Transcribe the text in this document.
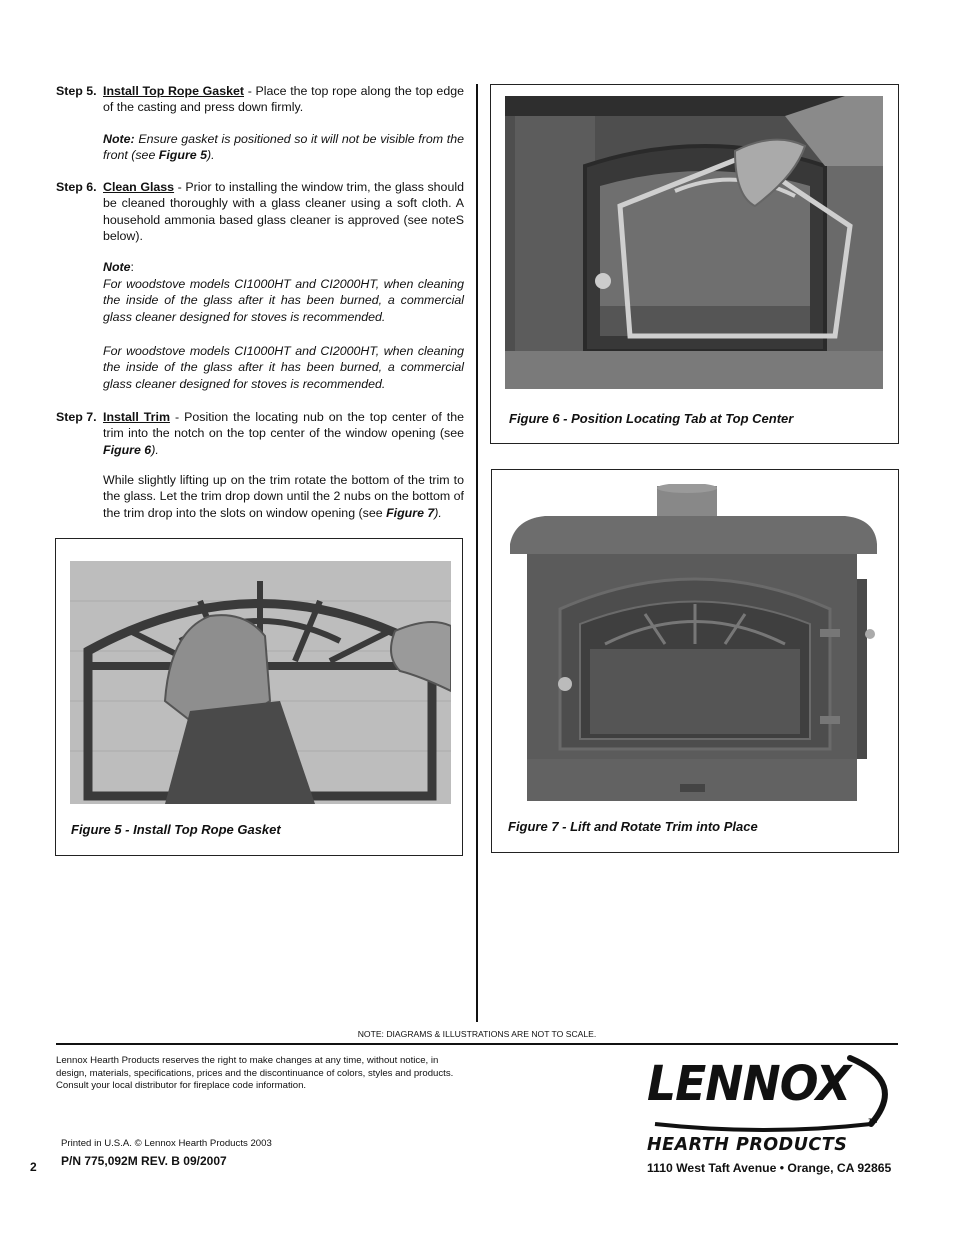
Step 5. Install Top Rope Gasket - Place the top rope along the top edge of the casting and press down firmly.
Note: Ensure gasket is positioned so it will not be visible from the front (see Figure 5).
Step 6. Clean Glass - Prior to installing the window trim, the glass should be cleaned thoroughly with a glass cleaner using a soft cloth. A household ammonia based glass cleaner is approved (see noteS below).
Note:
For woodstove models CI1000HT and CI2000HT, when cleaning the inside of the glass after it has been burned, a commercial glass cleaner designed for stoves is recommended.
For woodstove models CI1000HT and CI2000HT, when cleaning the inside of the glass after it has been burned, a commercial glass cleaner designed for stoves is recommended.
Step 7. Install Trim - Position the locating nub on the top center of the trim into the notch on the top center of the window opening (see Figure 6).
While slightly lifting up on the trim rotate the bottom of the trim to the glass. Let the trim drop down until the 2 nubs on the bottom of the trim drop into the slots on window opening (see Figure 7).
Figure 5 - Install Top Rope Gasket
Figure 6 - Position Locating Tab at Top Center
Figure 7 - Lift and Rotate Trim into Place
NOTE: DIAGRAMS & ILLUSTRATIONS ARE NOT TO SCALE.
Lennox Hearth Products reserves the right to make changes at any time, without notice, in design, materials, specifications, prices and the discontinuance of colors, styles and products. Consult your local distributor for fireplace code information.
Printed in U.S.A. © Lennox Hearth Products 2003
2 P/N 775,092M REV. B 09/2007
LENNOX
TM
HEARTH PRODUCTS
1110 West Taft Avenue • Orange, CA 92865
